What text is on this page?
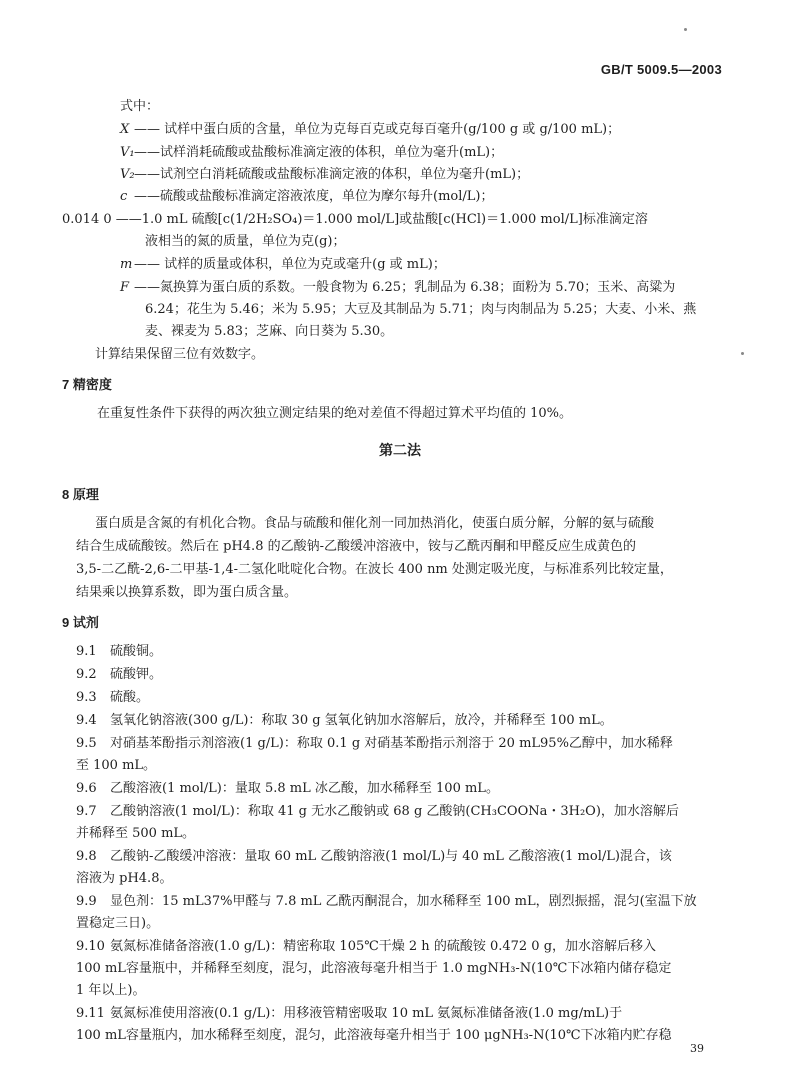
GB/T 5009.5—2003
式中：
X —— 试样中蛋白质的含量，单位为克每百克或克每百毫升(g/100 g 或 g/100 mL)；
V₁——试样消耗硫酸或盐酸标准滴定液的体积，单位为毫升(mL)；
V₂——试剂空白消耗硫酸或盐酸标准滴定液的体积，单位为毫升(mL)；
c ——硫酸或盐酸标准滴定溶液浓度，单位为摩尔每升(mol/L)；
0.014 0 ——1.0 mL 硫酸[c(1/2H₂SO₄)＝1.000 mol/L]或盐酸[c(HCl)＝1.000 mol/L]标准滴定溶
液相当的氮的质量，单位为克(g)；
m —— 试样的质量或体积，单位为克或毫升(g 或 mL)；
F ——氮换算为蛋白质的系数。一般食物为 6.25；乳制品为 6.38；面粉为 5.70；玉米、高粱为
6.24；花生为 5.46；米为 5.95；大豆及其制品为 5.71；肉与肉制品为 5.25；大麦、小米、燕
麦、裸麦为 5.83；芝麻、向日葵为 5.30。
计算结果保留三位有效数字。
7 精密度
在重复性条件下获得的两次独立测定结果的绝对差值不得超过算术平均值的 10%。
第二法
8 原理
蛋白质是含氮的有机化合物。食品与硫酸和催化剂一同加热消化，使蛋白质分解，分解的氨与硫酸
结合生成硫酸铵。然后在 pH4.8 的乙酸钠-乙酸缓冲溶液中，铵与乙酰丙酮和甲醛反应生成黄色的
3,5-二乙酰-2,6-二甲基-1,4-二氢化吡啶化合物。在波长 400 nm 处测定吸光度，与标准系列比较定量，
结果乘以换算系数，即为蛋白质含量。
9 试剂
9.1 硫酸铜。
9.2 硫酸钾。
9.3 硫酸。
9.4 氢氧化钠溶液(300 g/L)：称取 30 g 氢氧化钠加水溶解后，放冷，并稀释至 100 mL。
9.5 对硝基苯酚指示剂溶液(1 g/L)：称取 0.1 g 对硝基苯酚指示剂溶于 20 mL95%乙醇中，加水稀释
至 100 mL。
9.6 乙酸溶液(1 mol/L)：量取 5.8 mL 冰乙酸，加水稀释至 100 mL。
9.7 乙酸钠溶液(1 mol/L)：称取 41 g 无水乙酸钠或 68 g 乙酸钠(CH₃COONa・3H₂O)，加水溶解后
并稀释至 500 mL。
9.8 乙酸钠-乙酸缓冲溶液：量取 60 mL 乙酸钠溶液(1 mol/L)与 40 mL 乙酸溶液(1 mol/L)混合，该
溶液为 pH4.8。
9.9 显色剂：15 mL37%甲醛与 7.8 mL 乙酰丙酮混合，加水稀释至 100 mL，剧烈振摇，混匀(室温下放
置稳定三日)。
9.10 氨氮标准储备溶液(1.0 g/L)：精密称取 105℃干燥 2 h 的硫酸铵 0.472 0 g，加水溶解后移入
100 mL容量瓶中，并稀释至刻度，混匀，此溶液每毫升相当于 1.0 mgNH₃-N(10℃下冰箱内储存稳定
1 年以上)。
9.11 氨氮标准使用溶液(0.1 g/L)：用移液管精密吸取 10 mL 氨氮标准储备液(1.0 mg/mL)于
100 mL容量瓶内，加水稀释至刻度，混匀，此溶液每毫升相当于 100 μgNH₃-N(10℃下冰箱内贮存稳
39
